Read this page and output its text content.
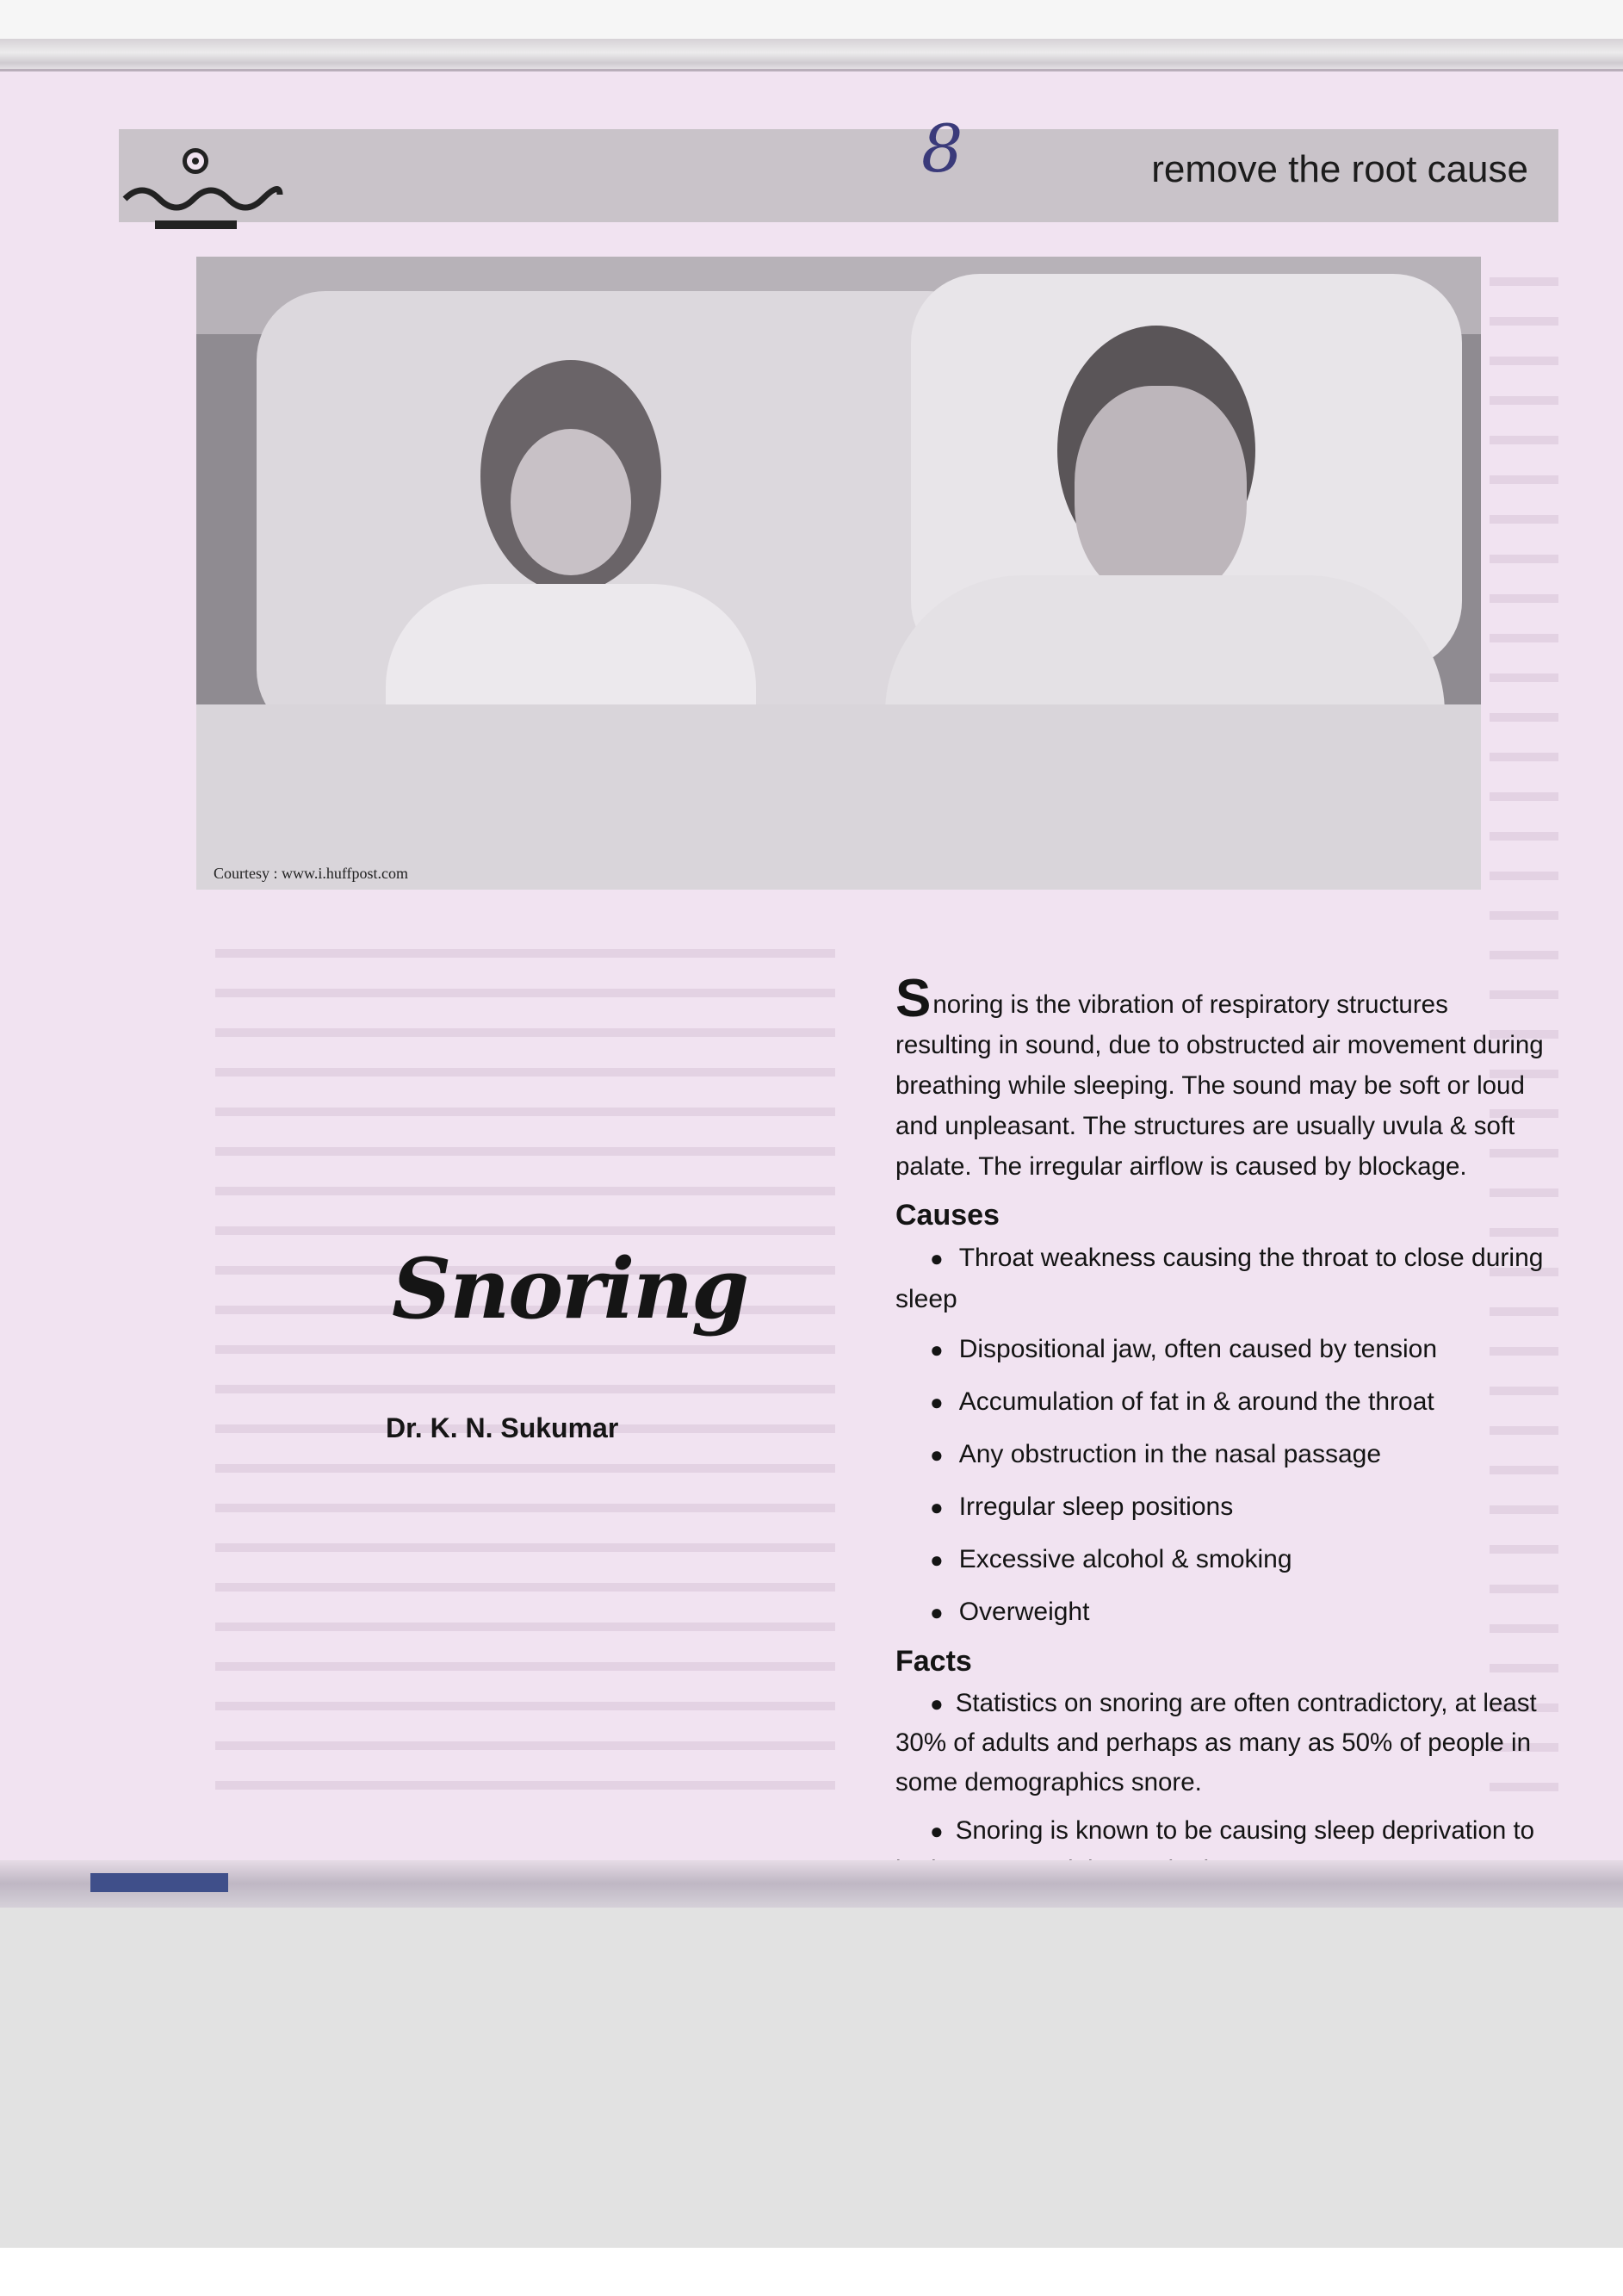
8	remove the root cause
Courtesy : www.i.huffpost.com
Snoring
Dr. K. N. Sukumar

Snoring is the vibration of respiratory structures resulting in sound, due to obstructed air movement during breathing while sleeping. The sound may be soft or loud and unpleasant. The structures are usually uvula & soft palate. The irregular airflow is caused by blockage.

Causes
● Throat weakness causing the throat to close during sleep
● Dispositional jaw, often caused by tension
● Accumulation of fat in & around the throat
● Any obstruction in the nasal passage
● Irregular sleep positions
● Excessive alcohol & smoking
● Overweight
Facts

● Statistics on snoring are often contradictory, at least 30% of adults and perhaps as many as 50% of people in some demographics snore.

● Snoring is known to be causing sleep deprivation to
